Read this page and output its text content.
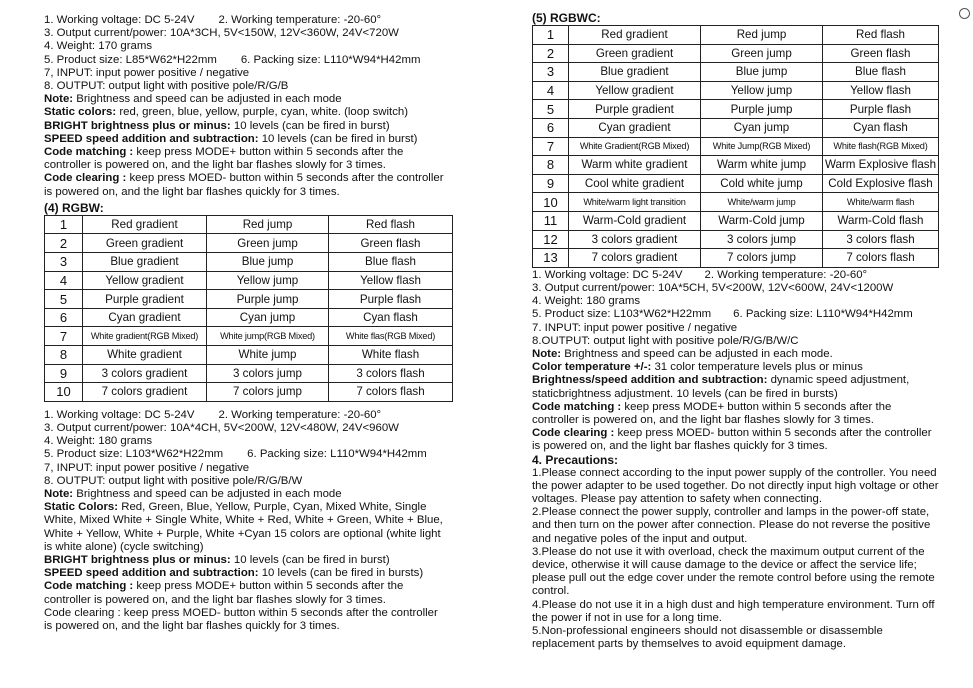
1. Working voltage: DC 5-24V 2. Working temperature: -20-60°
3. Output current/power: 10A*3CH, 5V<150W, 12V<360W, 24V<720W
4. Weight: 170 grams
5. Product size: L85*W62*H22mm 6. Packing size: L110*W94*H42mm
7, INPUT: input power positive / negative
8. OUTPUT: output light with positive pole/R/G/B
Note: Brightness and speed can be adjusted in each mode
Static colors: red, green, blue, yellow, purple, cyan, white. (loop switch)
BRIGHT brightness plus or minus: 10 levels (can be fired in burst)
SPEED speed addition and subtraction: 10 levels (can be fired in burst)
Code matching : keep press MODE+ button within 5 seconds after the controller is powered on, and the light bar flashes slowly for 3 times.
Code clearing : keep press MOED- button within 5 seconds after the controller is powered on, and the light bar flashes quickly for 3 times.
(4) RGBW:
1	Red gradient	Red jump	Red flash
2	Green gradient	Green jump	Green flash
3	Blue gradient	Blue jump	Blue flash
4	Yellow gradient	Yellow jump	Yellow flash
5	Purple gradient	Purple jump	Purple flash
6	Cyan gradient	Cyan jump	Cyan flash
7	White gradient(RGB Mixed)	White jump(RGB Mixed)	White flas(RGB Mixed)
8	White gradient	White jump	White flash
9	3 colors gradient	3 colors jump	3 colors flash
10	7 colors gradient	7 colors jump	7 colors flash
1. Working voltage: DC 5-24V 2. Working temperature: -20-60°
3. Output current/power: 10A*4CH, 5V<200W, 12V<480W, 24V<960W
4. Weight: 180 grams
5. Product size: L103*W62*H22mm 6. Packing size: L110*W94*H42mm
7, INPUT: input power positive / negative
8. OUTPUT: output light with positive pole/R/G/B/W
Note: Brightness and speed can be adjusted in each mode
Static Colors: Red, Green, Blue, Yellow, Purple, Cyan, Mixed White, Single White, Mixed White + Single White, White + Red, White + Green, White + Blue, White + Yellow, White + Purple, White +Cyan 15 colors are optional (white light is white alone) (cycle switching)
BRIGHT brightness plus or minus: 10 levels (can be fired in burst)
SPEED speed addition and subtraction: 10 levels (can be fired in bursts)
Code matching : keep press MODE+ button within 5 seconds after the controller is powered on, and the light bar flashes slowly for 3 times.
Code clearing : keep press MOED- button within 5 seconds after the controller is powered on, and the light bar flashes quickly for 3 times.
(5) RGBWC:
1	Red gradient	Red jump	Red flash
2	Green gradient	Green jump	Green flash
3	Blue gradient	Blue jump	Blue flash
4	Yellow gradient	Yellow jump	Yellow flash
5	Purple gradient	Purple jump	Purple flash
6	Cyan gradient	Cyan jump	Cyan flash
7	White Gradient(RGB Mixed)	White Jump(RGB Mixed)	White flash(RGB Mixed)
8	Warm white gradient	Warm white jump	Warm Explosive flash
9	Cool white gradient	Cold white jump	Cold Explosive flash
10	White/warm light transition	White/warm jump	White/warm flash
11	Warm-Cold gradient	Warm-Cold jump	Warm-Cold flash
12	3 colors gradient	3 colors jump	3 colors flash
13	7 colors gradient	7 colors jump	7 colors flash
1. Working voltage: DC 5-24V 2. Working temperature: -20-60°
3. Output current/power: 10A*5CH, 5V<200W, 12V<600W, 24V<1200W
4. Weight: 180 grams
5. Product size: L103*W62*H22mm 6. Packing size: L110*W94*H42mm
7. INPUT: input power positive / negative
8.OUTPUT: output light with positive pole/R/G/B/W/C
Note: Brightness and speed can be adjusted in each mode.
Color temperature +/-: 31 color temperature levels plus or minus
Brightness/speed addition and subtraction: dynamic speed adjustment, staticbrightness adjustment. 10 levels (can be fired in bursts)
Code matching : keep press MODE+ button within 5 seconds after the controller is powered on, and the light bar flashes slowly for 3 times.
Code clearing : keep press MOED- button within 5 seconds after the controller is powered on, and the light bar flashes quickly for 3 times.
4. Precautions:
1.Please connect according to the input power supply of the controller. You need the power adapter to be used together. Do not directly input high voltage or other voltages. Please pay attention to safety when connecting.
2.Please connect the power supply, controller and lamps in the power-off state, and then turn on the power after connection. Please do not reverse the positive and negative poles of the input and output.
3.Please do not use it with overload, check the maximum output current of the device, otherwise it will cause damage to the device or affect the service life; please pull out the edge cover under the remote control before using the remote control.
4.Please do not use it in a high dust and high temperature environment. Turn off the power if not in use for a long time.
5.Non-professional engineers should not disassemble or disassemble replacement parts by themselves to avoid equipment damage.
